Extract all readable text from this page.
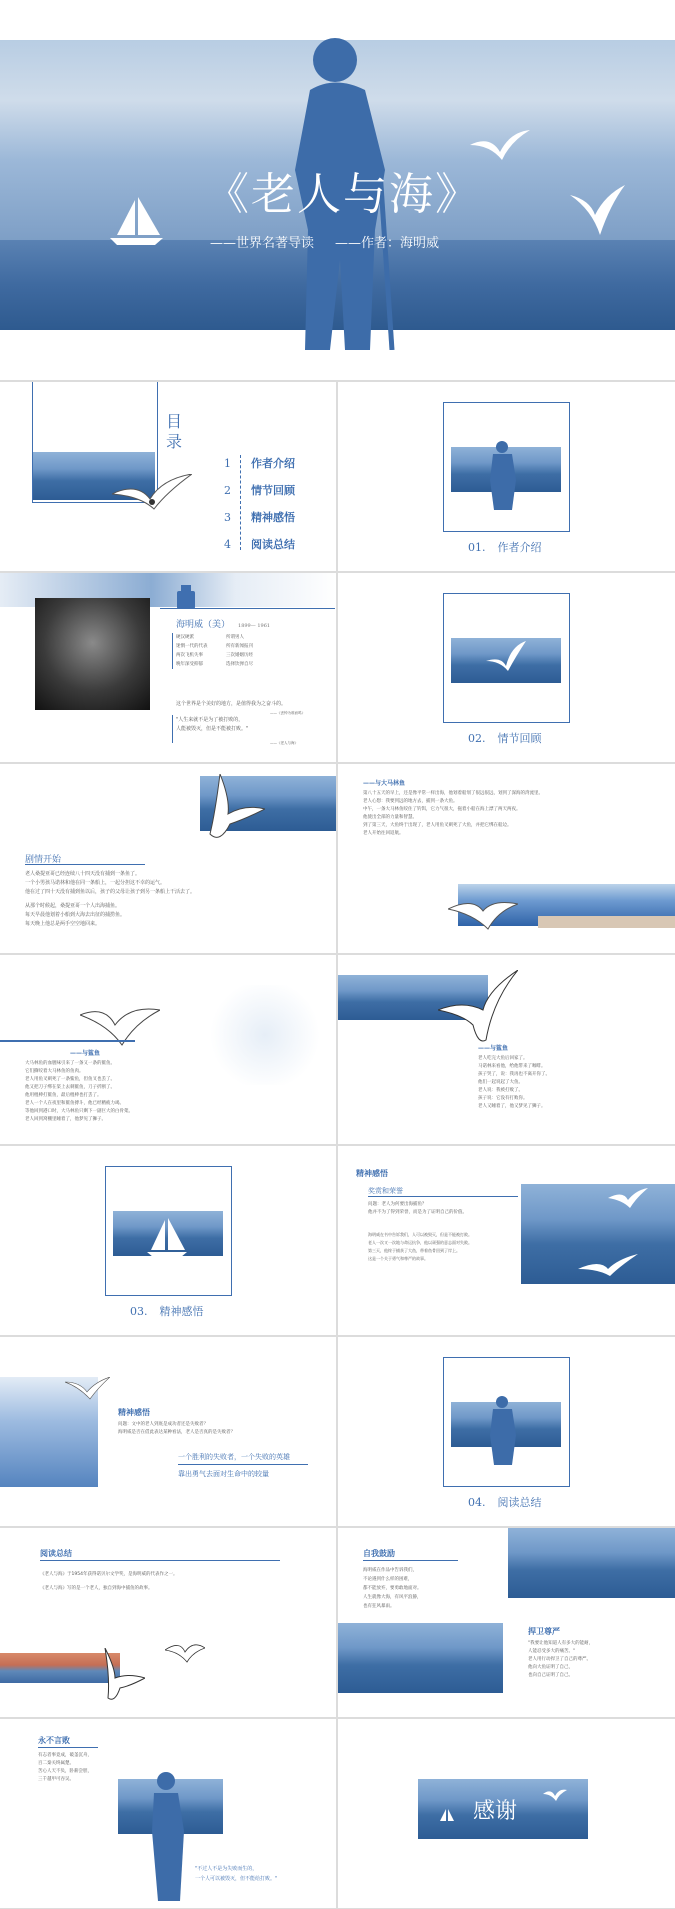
《老人与海》
——世界名著导读 ——作者：海明威
目录
1 作者介绍
2 情节回顾
3 精神感悟
4 阅读总结	01. 作者介绍
海明威（美） 1899— 1961
硬汉硬派	所谓男人
迷惘一代的代表	所有新闻报刊
两次飞机失事	三次婚姻历经
晚年深受抑郁	选择饮弹自尽
这个世界是个美好的地方，是值得我为之奋斗的。
——《丧钟为谁而鸣》
"人生来就不是为了被打败的，
人能被毁灭，但是不能被打败。"
——《老人与海》	02. 情节回顾
剧情开始
老人桑提亚哥已经连续八十四天没有捕到一条鱼了。
一个小男孩马诺林和他在同一条船上，一起分担这不幸的运气。
他在过了四十天没有捕到鱼以后，孩子的父母让孩子到另一条船上干活去了。
从那个时候起，桑提亚哥一个人出海捕鱼。
每天早晨他划着小船到大海去出征的捕捞鱼。
每天晚上他总是两手空空地回来。
——与大马林鱼
第八十五天的早上，还是像平常一样出海，他划着船划了很远很远，划到了深海的湾流里。
老人心想：我要到远的地方去，捕到一条大鱼。
中午，一条大马林鱼咬住了钓饵，它力气很大，拖着小船在海上漂了两天两夜。
他使出全部的力量和智慧。
到了第三天，大鱼终于出现了，老人用鱼叉刺死了大鱼，并把它绑在船边。
老人开始往回返航。
——与鲨鱼
大马林鱼的血腥味引来了一条又一条的鲨鱼。
它们撕咬着大马林鱼的鱼肉。
老人用鱼叉刺死了一条鲨鱼，但鱼叉也丢了。
他又把刀子绑在桨上去刺鲨鱼，刀子折断了。
他用棍棒打鲨鱼，最后棍棒也打丢了。
老人一个人在夜里和鲨鱼搏斗，他已经精疲力竭。
等他回到港口时，大马林鱼只剩下一副巨大的白骨架。
老人回到窝棚里睡着了，他梦见了狮子。
——与鲨鱼
老人吃完大鱼后回家了。
马诺林来看他，给他带来了咖啡。
孩子哭了，说：我再也不离开你了。
他们一起说起了大鱼。
老人说：我被打败了。
孩子说：它没有打败你。
老人又睡着了，他又梦见了狮子。
03. 精神感悟
精神感悟
奖赏和荣誉
问题：老人为何要出海捕鱼？
他并不为了得到荣誉，而是为了证明自己的价值。
海明威在书中告诉我们，人可以被毁灭，但是不能被打败。
老人一次又一次地与命运抗争，他以顽强的意志面对失败。
第三天，他终于捕获了大鱼，带着鱼骨回到了岸上。
这是一个关于勇气和尊严的故事。
精神感悟
问题：文中的老人到底是成功者还是失败者？
海明威是否在借此表达某种看法，老人是否真的是失败者？
一个胜利的失败者，一个失败的英雄
靠出勇气去面对生命中的较量
04. 阅读总结
阅读总结
《老人与海》于1954年获得诺贝尔文学奖，是海明威的代表作之一。
《老人与海》写的是一个老人，独自到海中捕鱼的故事。
自我鼓励
海明威在作品中告诉我们，
不论遇到什么样的困难，
都不能放弃，要勇敢地面对。
人生就像大海，有风平浪静，
也有狂风暴雨。
捍卫尊严
"我要让他知道人有多大的能耐，
人能忍受多大的痛苦。"
老人用行动捍卫了自己的尊严。
他向大鱼证明了自己，
也向自己证明了自己。
永不言败
有志者事竟成，破釜沉舟，
百二秦关终属楚。
苦心人天不负，卧薪尝胆，
三千越甲可吞吴。
"不过人不是为失败而生的，
一个人可以被毁灭，但不能给打败。"
感谢
